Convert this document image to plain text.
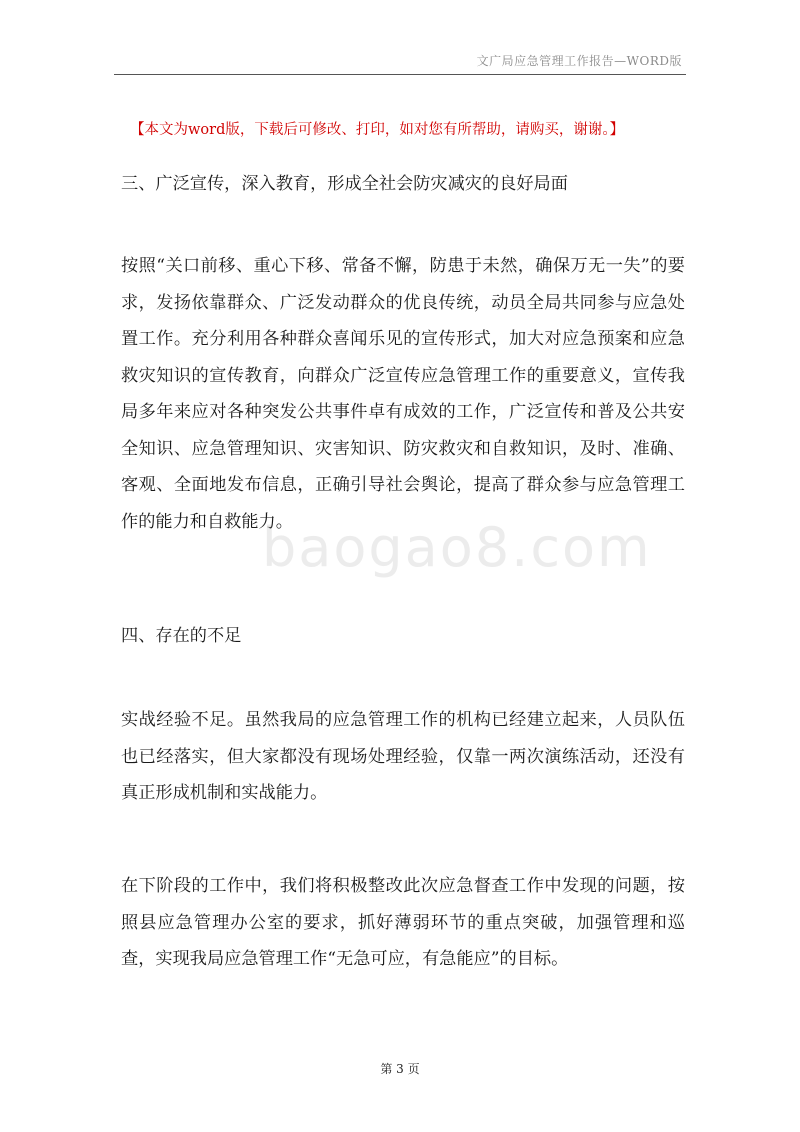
文广局应急管理工作报告—WORD版
【本文为word版，下载后可修改、打印，如对您有所帮助，请购买，谢谢。】
三、广泛宣传，深入教育，形成全社会防灾减灾的良好局面
按照“关口前移、重心下移、常备不懈，防患于未然，确保万无一失”的要求，发扬依靠群众、广泛发动群众的优良传统，动员全局共同参与应急处置工作。充分利用各种群众喜闻乐见的宣传形式，加大对应急预案和应急救灾知识的宣传教育，向群众广泛宣传应急管理工作的重要意义，宣传我局多年来应对各种突发公共事件卓有成效的工作，广泛宣传和普及公共安全知识、应急管理知识、灾害知识、防灾救灾和自救知识，及时、准确、客观、全面地发布信息，正确引导社会舆论，提高了群众参与应急管理工作的能力和自救能力。
四、存在的不足
实战经验不足。虽然我局的应急管理工作的机构已经建立起来，人员队伍也已经落实，但大家都没有现场处理经验，仅靠一两次演练活动，还没有真正形成机制和实战能力。
在下阶段的工作中，我们将积极整改此次应急督查工作中发现的问题，按照县应急管理办公室的要求，抓好薄弱环节的重点突破，加强管理和巡查，实现我局应急管理工作“无急可应，有急能应”的目标。
baogao8.com
第 3 页
